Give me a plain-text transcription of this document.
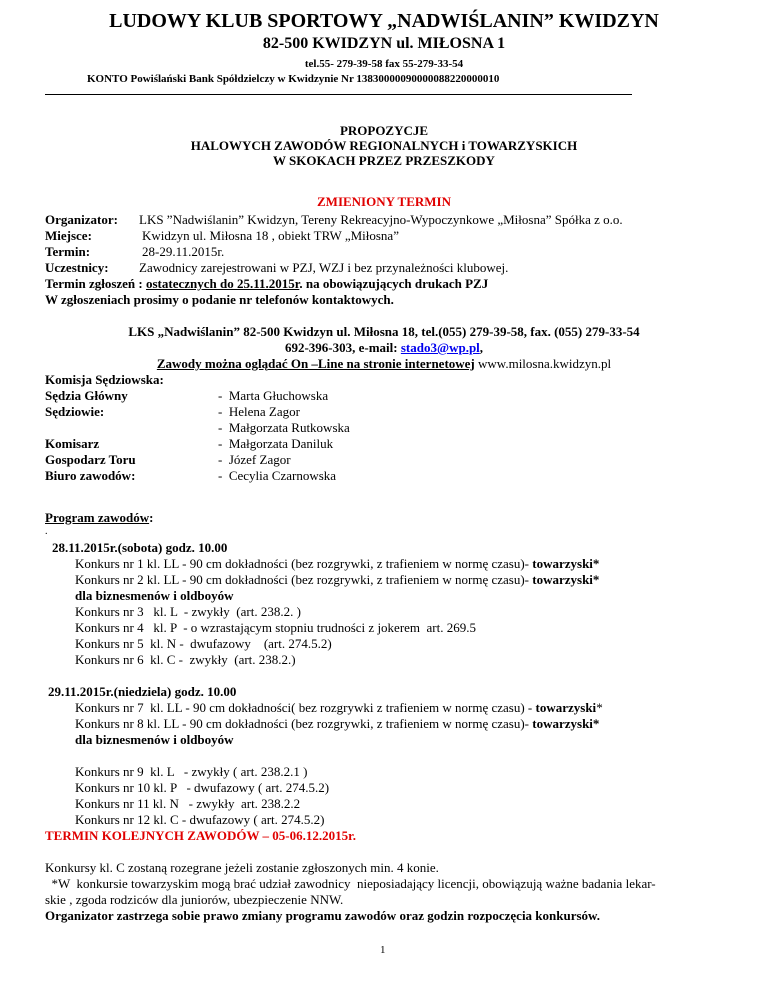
LUDOWY KLUB SPORTOWY „NADWIŚLANIN” KWIDZYN
82-500 KWIDZYN ul. MIŁOSNA 1
tel.55- 279-39-58 fax 55-279-33-54
KONTO Powiślański Bank Spółdzielczy w Kwidzynie Nr 13830000090000088220000010
PROPOZYCJE
HALOWYCH ZAWODÓW REGIONALNYCH i TOWARZYSKICH
W SKOKACH PRZEZ PRZESZKODY
ZMIENIONY TERMIN
Organizator: LKS ”Nadwiślanin” Kwidzyn, Tereny Rekreacyjno-Wypoczynkowe „Miłosna” Spółka z o.o.
Miejsce:	Kwidzyn ul. Miłosna 18 , obiekt TRW „Miłosna”
Termin:	28-29.11.2015r.
Uczestnicy: Zawodnicy zarejestrowani w PZJ, WZJ i bez przynależności klubowej.
Termin zgłoszeń : ostatecznych do 25.11.2015r. na obowiązujących drukach PZJ
W zgłoszeniach prosimy o podanie nr telefonów kontaktowych.
LKS „Nadwiślanin” 82-500 Kwidzyn ul. Miłosna 18, tel.(055) 279-39-58, fax. (055) 279-33-54
692-396-303, e-mail: stado3@wp.pl,
Zawody można oglądać On –Line na stronie internetowej www.milosna.kwidzyn.pl
Komisja Sędziowska:
Sędzia Główny	-  Marta Głuchowska
Sędziowie:	-  Helena Zagor
-  Małgorzata Rutkowska
Komisarz	-  Małgorzata Daniluk
Gospodarz Toru	-  Józef Zagor
Biuro zawodów:	-  Cecylia Czarnowska
Program zawodów:
.
28.11.2015r.(sobota) godz. 10.00
Konkurs nr 1 kl. LL - 90 cm dokładności (bez rozgrywki, z trafieniem w normę czasu)- towarzyski*
Konkurs nr 2 kl. LL - 90 cm dokładności (bez rozgrywki, z trafieniem w normę czasu)- towarzyski*
dla biznesmenów i oldboyów
Konkurs nr 3   kl. L  - zwykły  (art. 238.2. )
Konkurs nr 4   kl. P  - o wzrastającym stopniu trudności z jokerem  art. 269.5
Konkurs nr 5  kl. N -  dwufazowy    (art. 274.5.2)
Konkurs nr 6  kl. C -  zwykły  (art. 238.2.)
29.11.2015r.(niedziela) godz. 10.00
Konkurs nr 7  kl. LL - 90 cm dokładności( bez rozgrywki z trafieniem w normę czasu) - towarzyski*
Konkurs nr 8 kl. LL - 90 cm dokładności (bez rozgrywki, z trafieniem w normę czasu)- towarzyski*
dla biznesmenów i oldboyów
Konkurs nr 9  kl. L   - zwykły ( art. 238.2.1 )
Konkurs nr 10 kl. P   - dwufazowy ( art. 274.5.2)
Konkurs nr 11 kl. N   - zwykły  art. 238.2.2
Konkurs nr 12 kl. C - dwufazowy ( art. 274.5.2)
TERMIN KOLEJNYCH ZAWODÓW – 05-06.12.2015r.
Konkursy kl. C zostaną rozegrane jeżeli zostanie zgłoszonych min. 4 konie.
*W  konkursie towarzyskim mogą brać udział zawodnicy  nieposiadający licencji, obowiązują ważne badania lekar-
skie , zgoda rodziców dla juniorów, ubezpieczenie NNW.
Organizator zastrzega sobie prawo zmiany programu zawodów oraz godzin rozpoczęcia konkursów.
1
